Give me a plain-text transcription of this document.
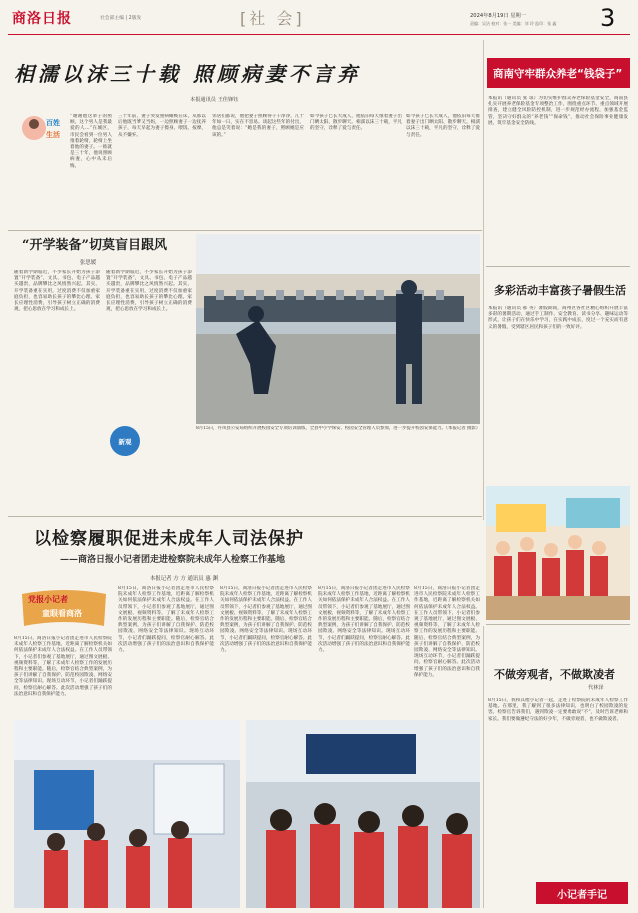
商洛日报	社会部主编 | 2版发	[社 会]	2024年8月19日 星期一
责编：吴洁 校对：张一 美编：刘 玲 监印：张 鑫 3
相濡以沫三十载 照顾病妻不言弃
本报通讯员 王佳锋钰
百姓
生活
“谢谢他这辈子的照顾，这个男人是我最爱的人…”在城区，市民会看到一位男人推着轮椅，轮椅上坐着他的妻子。一推就是三十年，他说照顾病妻，心中从未后悔。
三十年前，妻子突发重病瘫痪在床，从那以后他既当爹又当妈，一边照顾妻子一边抚养孩子，每天早起为妻子擦身、喂饭、按摩，从不嫌弃。
邻居们都说，他把妻子照顾得干干净净，几十年如一日，实在不容易。谈起这些年的付出，他总是笑着说：“她是我的妻子，照顾她是应该的。”
如今孩子已长大成人，他依旧每天推着妻子出门晒太阳、散步聊天。相濡以沫三十载，平凡的坚守，诠释了爱与责任。
如今孩子已长大成人，他依旧每天推着妻子出门晒太阳、散步聊天。相濡以沫三十载，平凡的坚守，诠释了爱与责任。
商南守牢群众养老“钱袋子”
本报讯（通讯员 张 琼）为切实维护群众养老保险基金安全，商南县扎实开展养老保险基金专项整治工作，围绕重点环节、重点领域开展排查，建立健全风险防控机制，进一步规范经办流程，加强基金监管，坚决守好群众的“养老钱”“保命钱”，推动社会保险事业健康发展，筑牢基金安全防线。
“开学装备”切莫盲目跟风
张思媛
随着新学期临近，不少家长开始为孩子添置“开学装备”，文具、书包、电子产品越买越贵，品牌攀比之风悄然兴起。其实，开学装备重在实用，过度消费不仅加重家庭负担，也容易助长孩子的攀比心理。家长应理性消费，引导孩子树立正确的消费观，把心思放在学习和成长上。
随着新学期临近，不少家长开始为孩子添置“开学装备”，文具、书包、电子产品越买越贵，品牌攀比之风悄然兴起。其实，开学装备重在实用，过度消费不仅加重家庭负担，也容易助长孩子的攀比心理。家长应理性消费，引导孩子树立正确的消费观，把心思放在学习和成长上。
新观
8月15日，丹凤县公安局组织开展校园安全专项培训演练，全县中小学保安、校园安全管理人员参加，进一步提升校园安保能力。（本报记者 摄影）
多彩活动丰富孩子暑假生活
本报讯（通讯员 郝 英）暑假期间，商州区各社区精心组织开展丰富多彩的暑期活动，通过手工制作、安全教育、读书分享、趣味运动等形式，让孩子们在快乐中学习，在实践中成长，度过一个充实而有意义的暑假，受到辖区居民和孩子们的一致好评。
以检察履职促进未成年人司法保护
——商洛日报小记者团走进检察院未成年人检察工作基地
本报记者 方 方 通讯员 惠 渊
党报小记者
童眼看商洛
8月15日，商洛日报小记者团走进市人民检察院未成年人检察工作基地，近距离了解检察机关如何依法保护未成年人合法权益。在工作人员带领下，小记者们参观了基地展厅，通过图文展板、视频资料等，了解了未成年人检察工作的发展历程和主要职能。随后，检察官结合典型案例，为孩子们讲解了自我保护、防范校园欺凌、网络安全等法律知识。现场互动环节，小记者们踊跃提问，检察官耐心解答。此次活动增强了孩子们的法治意识和自我保护能力。
8月15日，商洛日报小记者团走进市人民检察院未成年人检察工作基地，近距离了解检察机关如何依法保护未成年人合法权益。在工作人员带领下，小记者们参观了基地展厅，通过图文展板、视频资料等，了解了未成年人检察工作的发展历程和主要职能。随后，检察官结合典型案例，为孩子们讲解了自我保护、防范校园欺凌、网络安全等法律知识。现场互动环节，小记者们踊跃提问，检察官耐心解答。此次活动增强了孩子们的法治意识和自我保护能力。
8月15日，商洛日报小记者团走进市人民检察院未成年人检察工作基地，近距离了解检察机关如何依法保护未成年人合法权益。在工作人员带领下，小记者们参观了基地展厅，通过图文展板、视频资料等，了解了未成年人检察工作的发展历程和主要职能。随后，检察官结合典型案例，为孩子们讲解了自我保护、防范校园欺凌、网络安全等法律知识。现场互动环节，小记者们踊跃提问，检察官耐心解答。此次活动增强了孩子们的法治意识和自我保护能力。
8月15日，商洛日报小记者团走进市人民检察院未成年人检察工作基地，近距离了解检察机关如何依法保护未成年人合法权益。在工作人员带领下，小记者们参观了基地展厅，通过图文展板、视频资料等，了解了未成年人检察工作的发展历程和主要职能。随后，检察官结合典型案例，为孩子们讲解了自我保护、防范校园欺凌、网络安全等法律知识。现场互动环节，小记者们踊跃提问，检察官耐心解答。此次活动增强了孩子们的法治意识和自我保护能力。
8月15日，商洛日报小记者团走进市人民检察院未成年人检察工作基地，近距离了解检察机关如何依法保护未成年人合法权益。在工作人员带领下，小记者们参观了基地展厅，通过图文展板、视频资料等，了解了未成年人检察工作的发展历程和主要职能。随后，检察官结合典型案例，为孩子们讲解了自我保护、防范校园欺凌、网络安全等法律知识。现场互动环节，小记者们踊跃提问，检察官耐心解答。此次活动增强了孩子们的法治意识和自我保护能力。	不做旁观者，不做欺凌者
代林泽
8月15日，我和其他小记者一起，走进了检察院的未成年人检察工作基地。在那里，我了解到了很多法律知识，也明白了校园欺凌的危害。检察官告诉我们，遇到欺凌一定要勇敢说“不”，及时告诉老师和家长。我们要做遵纪守法的好少年，不做旁观者，也不做欺凌者。
小记者手记
